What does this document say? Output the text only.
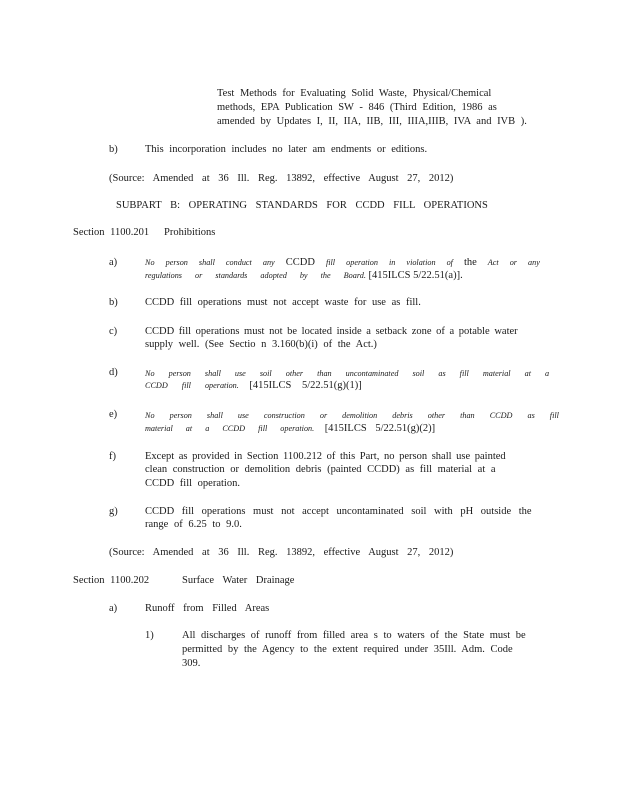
Test Methods for Evaluating Solid Waste, Physical/Chemical
methods, EPA Publication SW - 846 (Third Edition, 1986 as
amended by Updates I, II, IIA, IIB, III, IIIA,IIIB, IVA and IVB ).
b)	This incorporation includes no later am endments or editions.
(Source: Amended at 36 Ill. Reg. 13892, effective August 27, 2012)
SUBPART B: OPERATING STANDARDS FOR CCDD FILL OPERATIONS
Section 1100.201 Prohibitions
a)	No person shall conduct any CCDD fill operation in violation of the Act or any
regulations or standards adopted by the Board. [415ILCS 5/22.51(a)].
b)	CCDD fill operations must not accept waste for use as fill.
c)	CCDD fill operations must not be located inside a setback zone of a potable water
supply well. (See Sectio n 3.160(b)(i) of the Act.)
d)	No person shall use soil other than uncontaminated soil as fill material at a
CCDD fill operation. [415ILCS 5/22.51(g)(1)]
e)	No person shall use construction or demolition debris other than CCDD as fill
material at a CCDD fill operation. [415ILCS 5/22.51(g)(2)]
f)	Except as provided in Section 1100.212 of this Part, no person shall use painted
clean construction or demolition debris (painted CCDD) as fill material at a
CCDD fill operation.
g)	CCDD fill operations must not accept uncontaminated soil with pH outside the
range of 6.25 to 9.0.
(Source: Amended at 36 Ill. Reg. 13892, effective August 27, 2012)
Section 1100.202	Surface Water Drainage
a)	Runoff from Filled Areas
1)	All discharges of runoff from filled area s to waters of the State must be
permitted by the Agency to the extent required under 35Ill. Adm. Code
309.
